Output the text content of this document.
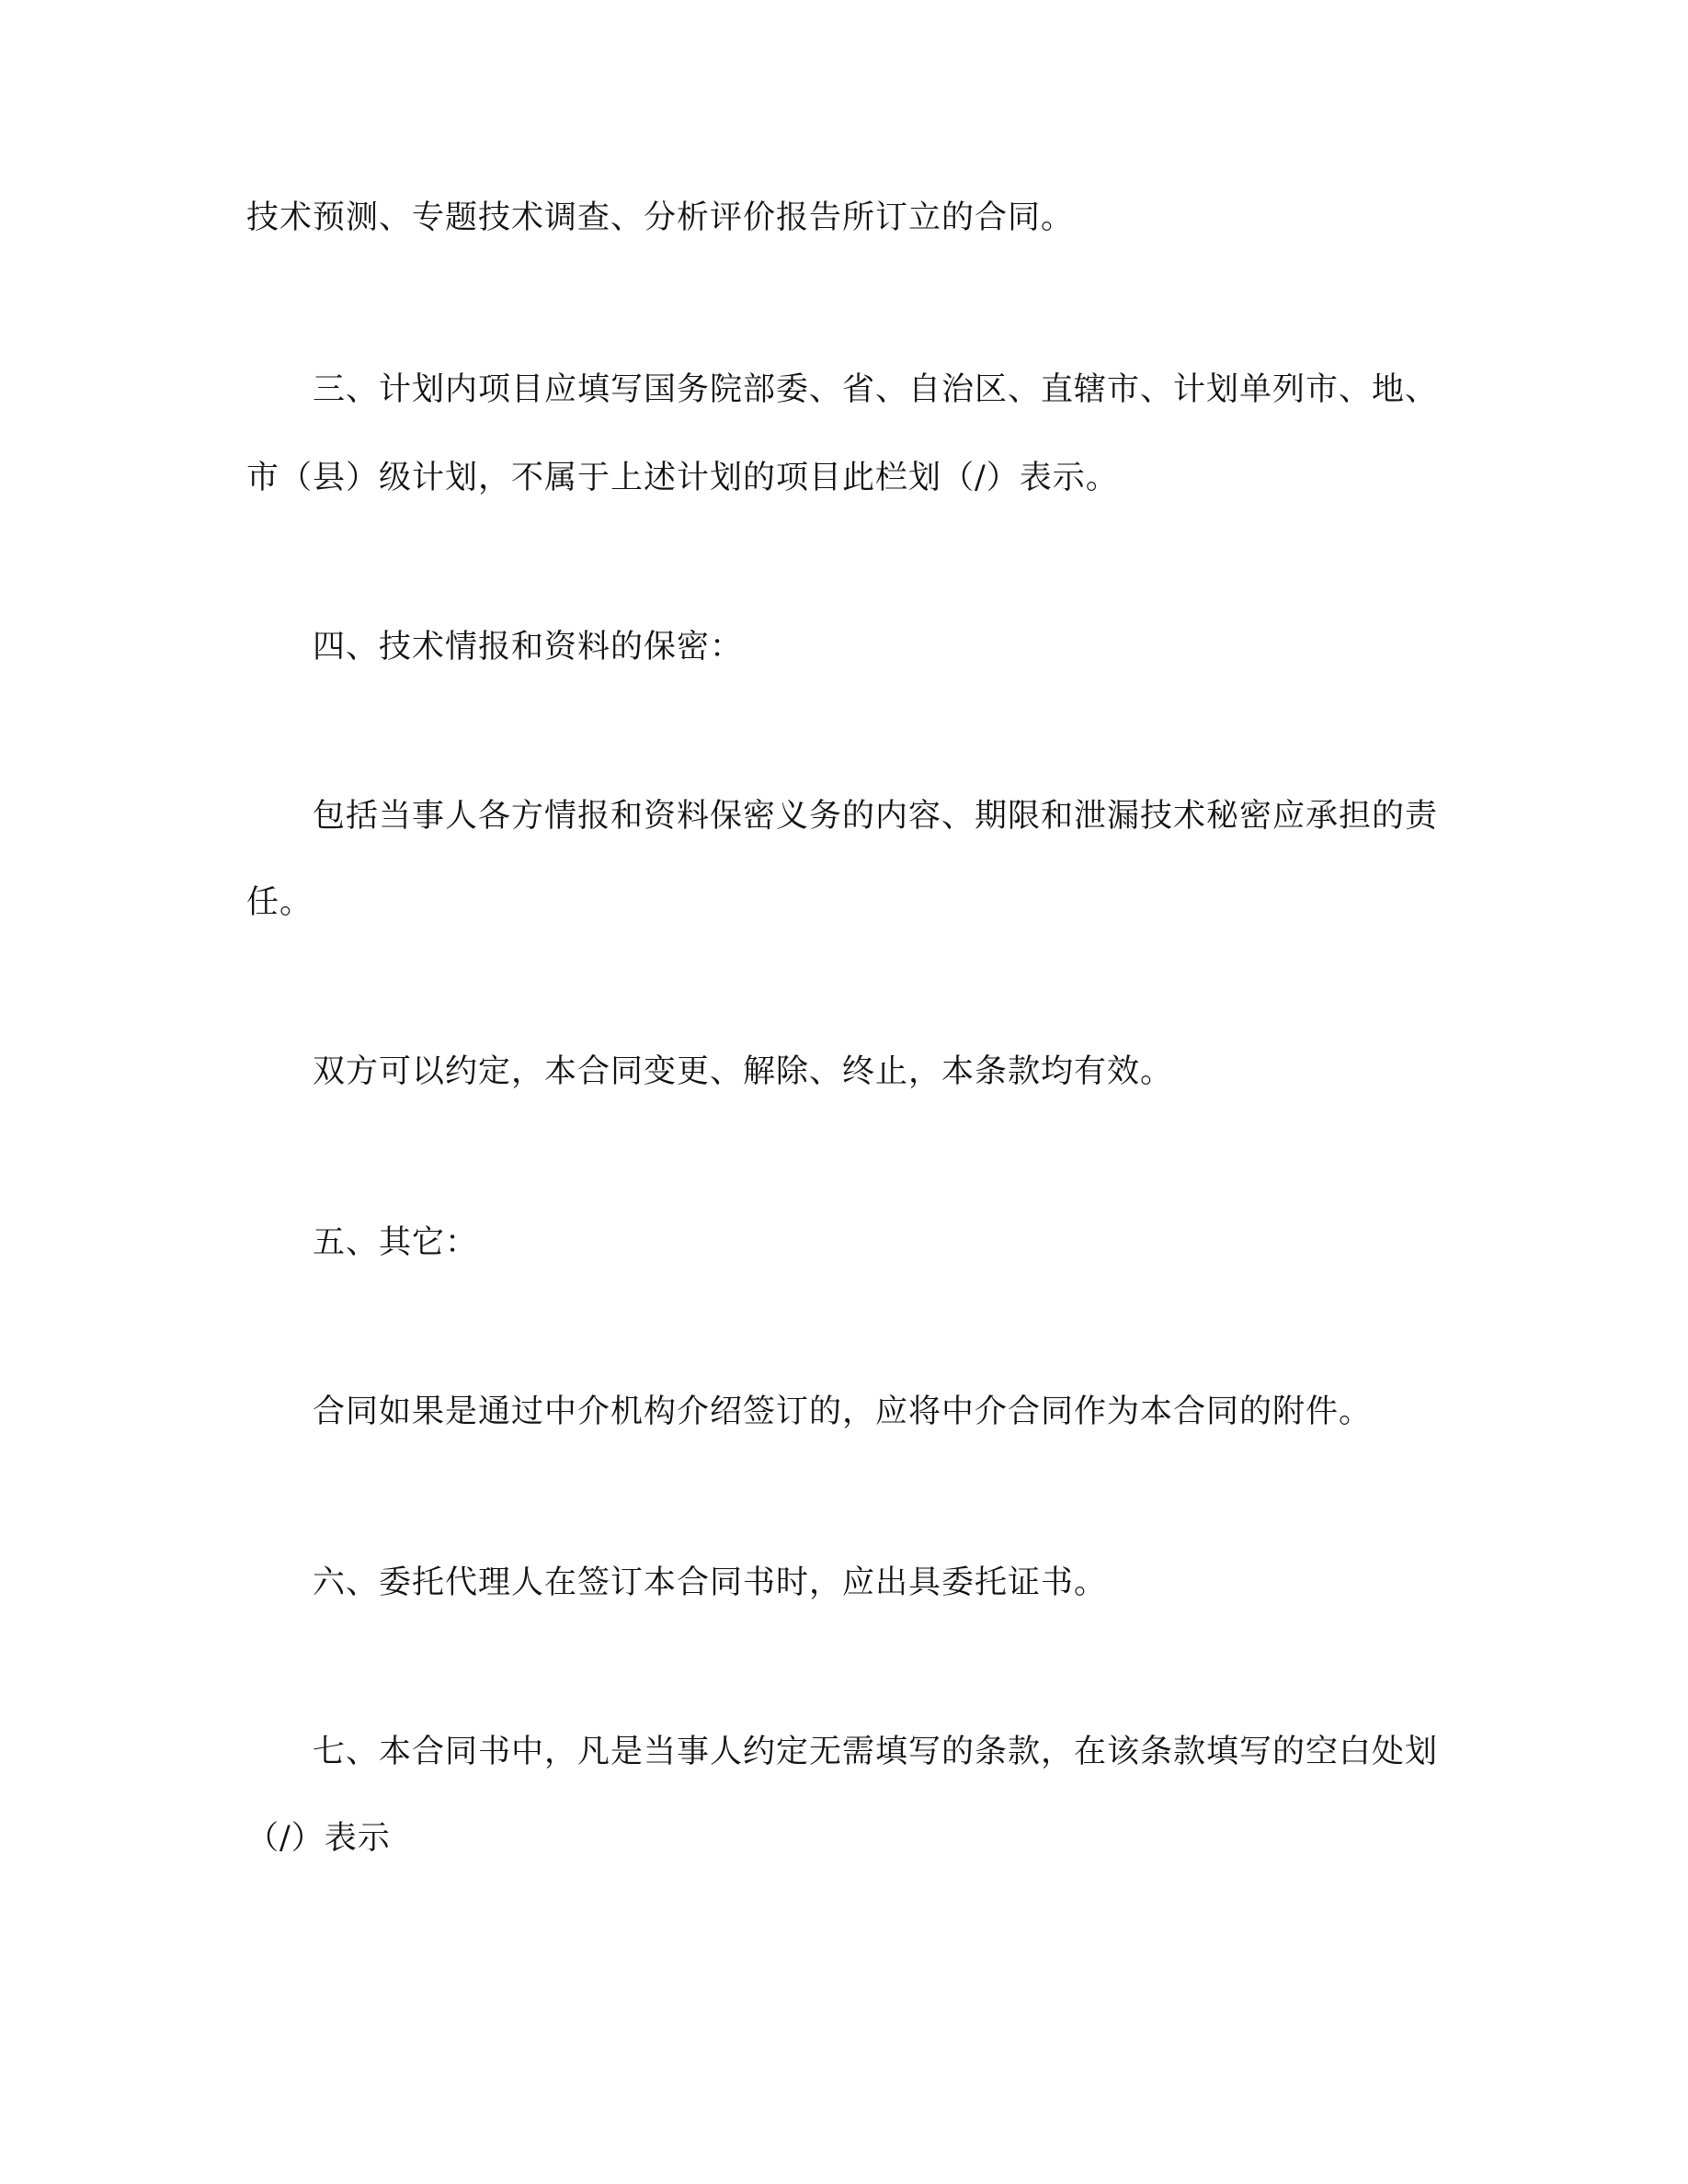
技术预测、专题技术调查、分析评价报告所订立的合同。
三、计划内项目应填写国务院部委、省、自治区、直辖市、计划单列市、地、
市（县）级计划，不属于上述计划的项目此栏划（/）表示。
四、技术情报和资料的保密：
包括当事人各方情报和资料保密义务的内容、期限和泄漏技术秘密应承担的责
任。
双方可以约定，本合同变更、解除、终止，本条款均有效。
五、其它：
合同如果是通过中介机构介绍签订的，应将中介合同作为本合同的附件。
六、委托代理人在签订本合同书时，应出具委托证书。
七、本合同书中，凡是当事人约定无需填写的条款，在该条款填写的空白处划
（/）表示
